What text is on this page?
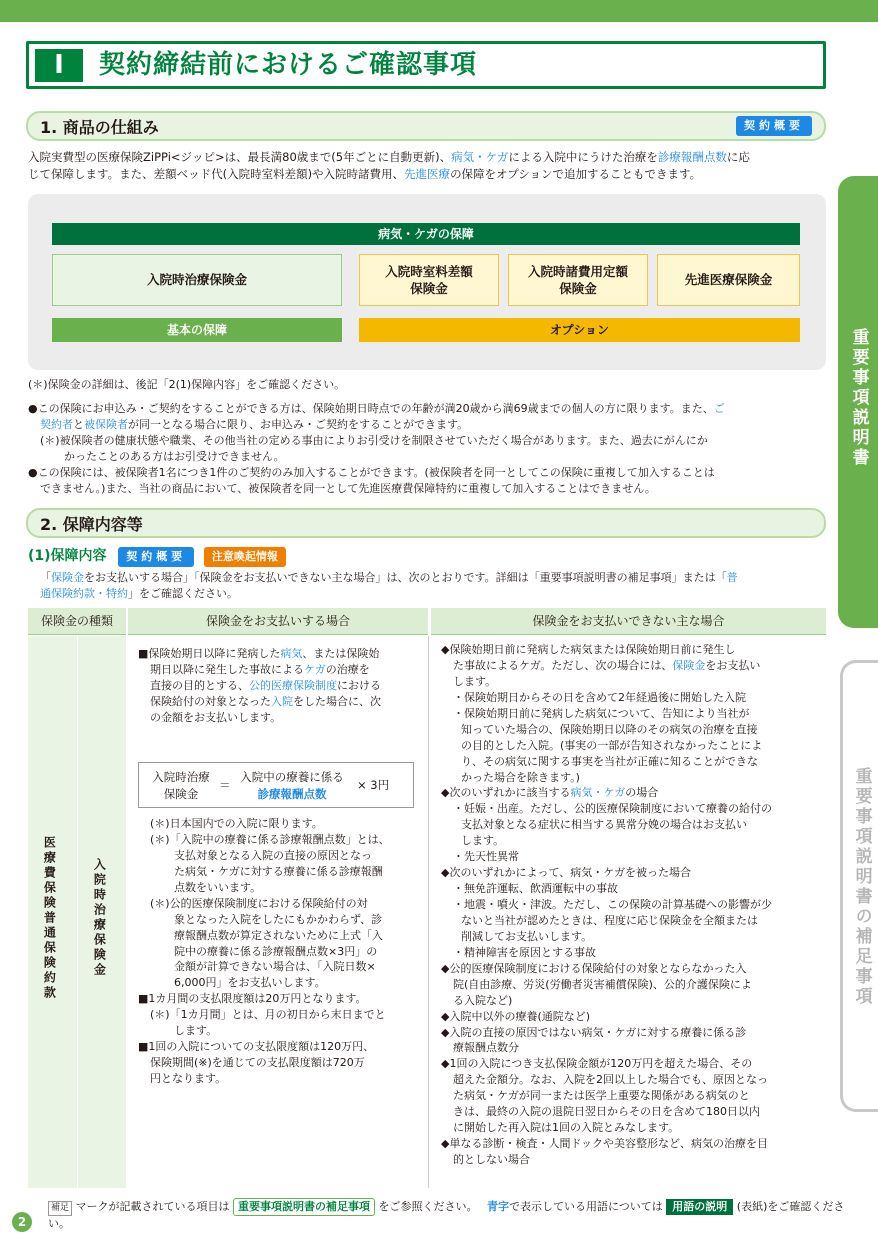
I	契約締結前におけるご確認事項
1. 商品の仕組み	契約概要
入院実費型の医療保険ZiPPi<ジッピ>は、最長満80歳まで(5年ごとに自動更新)、病気・ケガによる入院中にうけた治療を診療報酬点数に応
じて保障します。また、差額ベッド代(入院時室料差額)や入院時諸費用、先進医療の保障をオプションで追加することもできます。
病気・ケガの保障
入院時治療保険金
入院時室料差額
保険金
入院時諸費用定額
保険金
先進医療保険金
基本の保障	オプション
(＊)保険金の詳細は、後記「2(1)保障内容」をご確認ください。
●この保険にお申込み・ご契約をすることができる方は、保険始期日時点での年齢が満20歳から満69歳までの個人の方に限ります。また、ご
契約者と被保険者が同一となる場合に限り、お申込み・ご契約をすることができます。
(＊)被保険者の健康状態や職業、その他当社の定める事由によりお引受けを制限させていただく場合があります。また、過去にがんにか
かったことのある方はお引受けできません。
●この保険には、被保険者1名につき1件のご契約のみ加入することができます。(被保険者を同一としてこの保険に重複して加入することは
できません。)また、当社の商品において、被保険者を同一として先進医療費保障特約に重複して加入することはできません。
2. 保障内容等
(1)保障内容 契約概要 注意喚起情報
「保険金をお支払いする場合」「保険金をお支払いできない主な場合」は、次のとおりです。詳細は「重要事項説明書の補足事項」または「普
通保険約款・特約」をご確認ください。
保険金の種類	保険金をお支払いする場合	保険金をお支払いできない主な場合
医療費保険普通保険約款	入院時治療保険金
■保険始期日以降に発病した病気、または保険始
期日以降に発生した事故によるケガの治療を
直接の目的とする、公的医療保険制度における
保険給付の対象となった入院をした場合に、次
の金額をお支払いします。
入院時治療
保険金
＝
入院中の療養に係る
診療報酬点数
× 3円
(＊)日本国内での入院に限ります。
(＊)「入院中の療養に係る診療報酬点数」とは、
支払対象となる入院の直接の原因となっ
た病気・ケガに対する療養に係る診療報酬
点数をいいます。
(＊)公的医療保険制度における保険給付の対
象となった入院をしたにもかかわらず、診
療報酬点数が算定されないために上式「入
院中の療養に係る診療報酬点数×3円」の
金額が計算できない場合は、「入院日数×
6,000円」をお支払いします。
■1カ月間の支払限度額は20万円となります。
(＊)「1カ月間」とは、月の初日から末日までと
します。
■1回の入院についての支払限度額は120万円、
保険期間(※)を通じての支払限度額は720万
円となります。
◆保険始期日前に発病した病気または保険始期日前に発生し
た事故によるケガ。ただし、次の場合には、保険金をお支払い
します。
・保険始期日からその日を含めて2年経過後に開始した入院
・保険始期日前に発病した病気について、告知により当社が
知っていた場合の、保険始期日以降のその病気の治療を直接
の目的とした入院。(事実の一部が告知されなかったことによ
り、その病気に関する事実を当社が正確に知ることができな
かった場合を除きます。)
◆次のいずれかに該当する病気・ケガの場合
・妊娠・出産。ただし、公的医療保険制度において療養の給付の
支払対象となる症状に相当する異常分娩の場合はお支払い
します。
・先天性異常
◆次のいずれかによって、病気・ケガを被った場合
・無免許運転、飲酒運転中の事故
・地震・噴火・津波。ただし、この保険の計算基礎への影響が少
ないと当社が認めたときは、程度に応じ保険金を全額または
削減してお支払いします。
・精神障害を原因とする事故
◆公的医療保険制度における保険給付の対象とならなかった入
院(自由診療、労災(労働者災害補償保険)、公的介護保険によ
る入院など)
◆入院中以外の療養(通院など)
◆入院の直接の原因ではない病気・ケガに対する療養に係る診
療報酬点数分
◆1回の入院につき支払保険金額が120万円を超えた場合、その
超えた金額分。なお、入院を2回以上した場合でも、原因となっ
た病気・ケガが同一または医学上重要な関係がある病気のと
きは、最終の入院の退院日翌日からその日を含めて180日以内
に開始した再入院は1回の入院とみなします。
◆単なる診断・検査・人間ドックや美容整形など、病気の治療を目
的としない場合
重要事項説明書
重要事項説明書の補足事項
補足 マークが記載されている項目は 重要事項説明書の補足事項 をご参照ください。 青字で表示している用語については 用語の説明 (表紙)をご確認ください。
2
